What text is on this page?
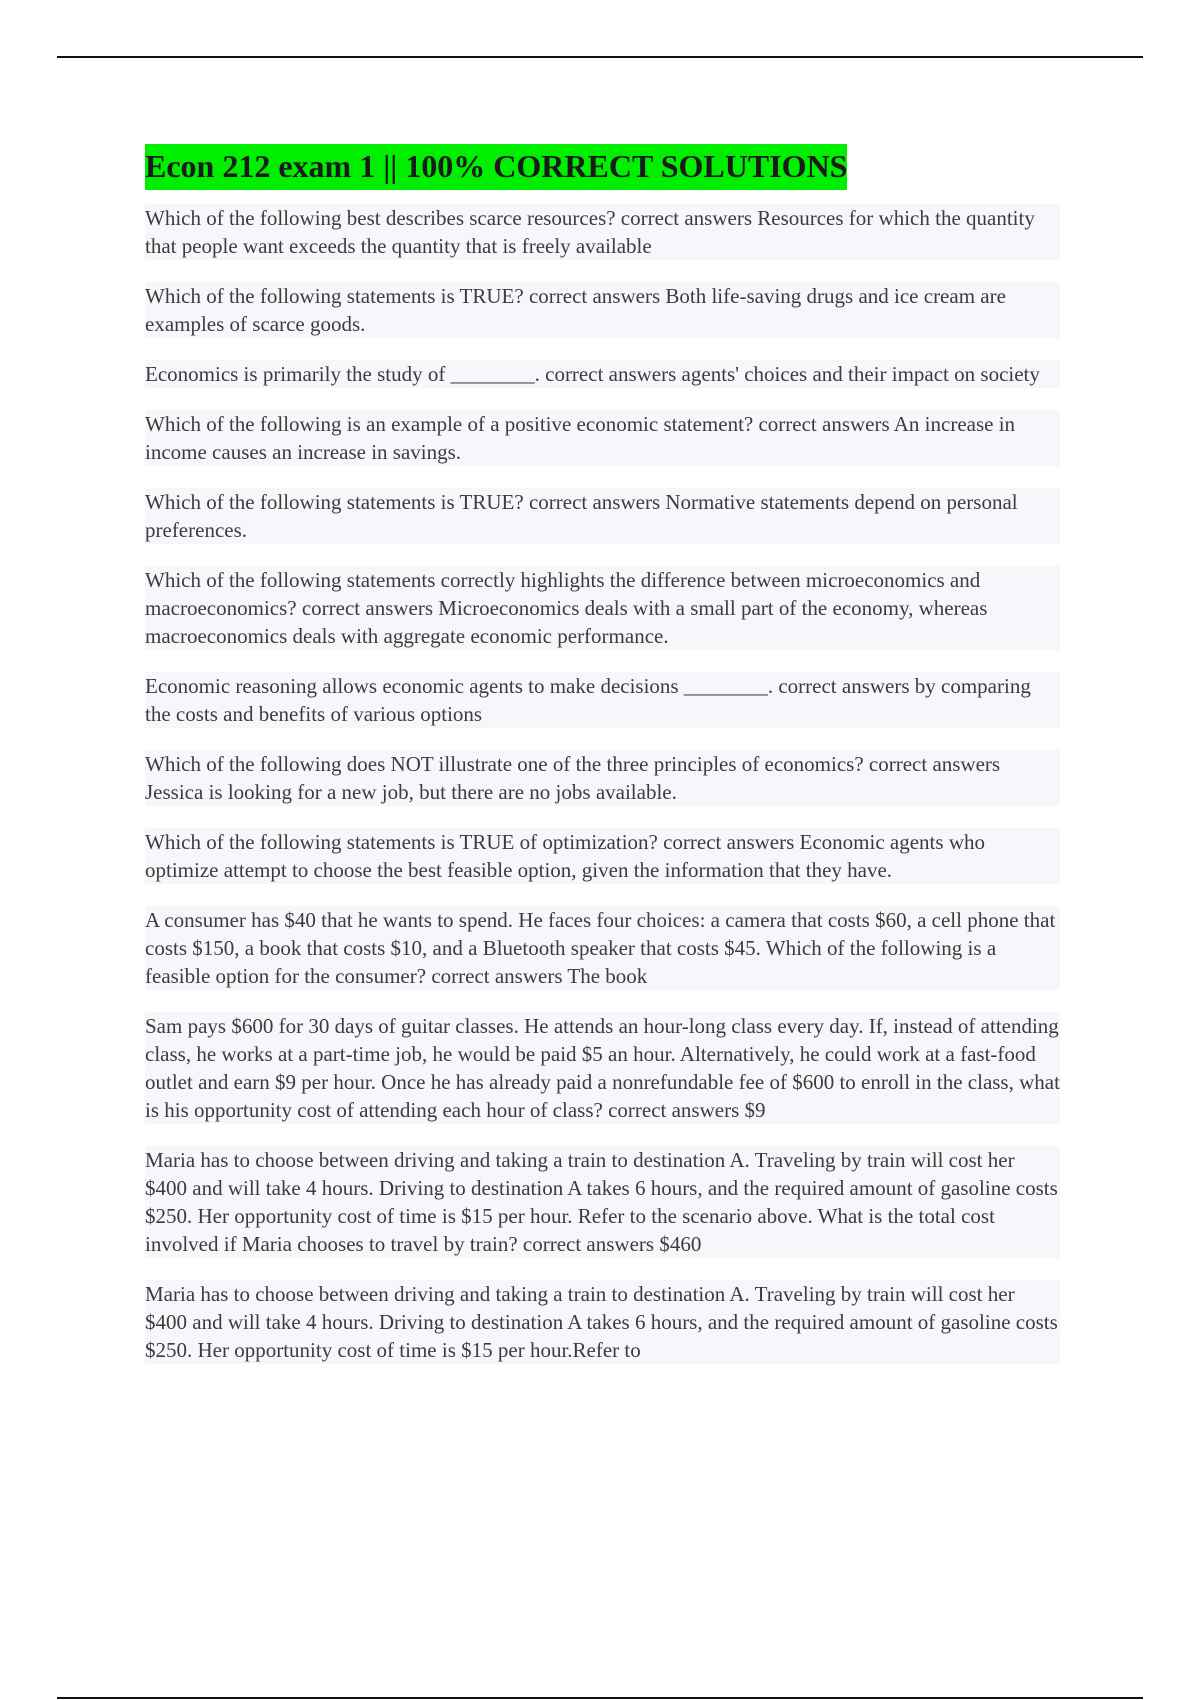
Econ 212 exam 1 || 100% CORRECT SOLUTIONS

Which of the following best describes scarce resources? correct answers Resources for which the quantity that people want exceeds the quantity that is freely available

Which of the following statements is TRUE? correct answers Both life-saving drugs and ice cream are examples of scarce goods.

Economics is primarily the study of ________. correct answers agents' choices and their impact on society

Which of the following is an example of a positive economic statement? correct answers An increase in income causes an increase in savings.

Which of the following statements is TRUE? correct answers Normative statements depend on personal preferences.

Which of the following statements correctly highlights the difference between microeconomics and macroeconomics? correct answers Microeconomics deals with a small part of the economy, whereas macroeconomics deals with aggregate economic performance.

Economic reasoning allows economic agents to make decisions ________. correct answers by comparing the costs and benefits of various options

Which of the following does NOT illustrate one of the three principles of economics? correct answers Jessica is looking for a new job, but there are no jobs available.

Which of the following statements is TRUE of optimization? correct answers Economic agents who optimize attempt to choose the best feasible option, given the information that they have.

A consumer has $40 that he wants to spend. He faces four choices: a camera that costs $60, a cell phone that costs $150, a book that costs $10, and a Bluetooth speaker that costs $45. Which of the following is a feasible option for the consumer? correct answers The book

Sam pays $600 for 30 days of guitar classes. He attends an hour-long class every day. If, instead of attending class, he works at a part-time job, he would be paid $5 an hour. Alternatively, he could work at a fast-food outlet and earn $9 per hour. Once he has already paid a nonrefundable fee of $600 to enroll in the class, what is his opportunity cost of attending each hour of class? correct answers $9

Maria has to choose between driving and taking a train to destination A. Traveling by train will cost her $400 and will take 4 hours. Driving to destination A takes 6 hours, and the required amount of gasoline costs $250. Her opportunity cost of time is $15 per hour. Refer to the scenario above. What is the total cost involved if Maria chooses to travel by train? correct answers $460

Maria has to choose between driving and taking a train to destination A. Traveling by train will cost her $400 and will take 4 hours. Driving to destination A takes 6 hours, and the required amount of gasoline costs $250. Her opportunity cost of time is $15 per hour.Refer to
